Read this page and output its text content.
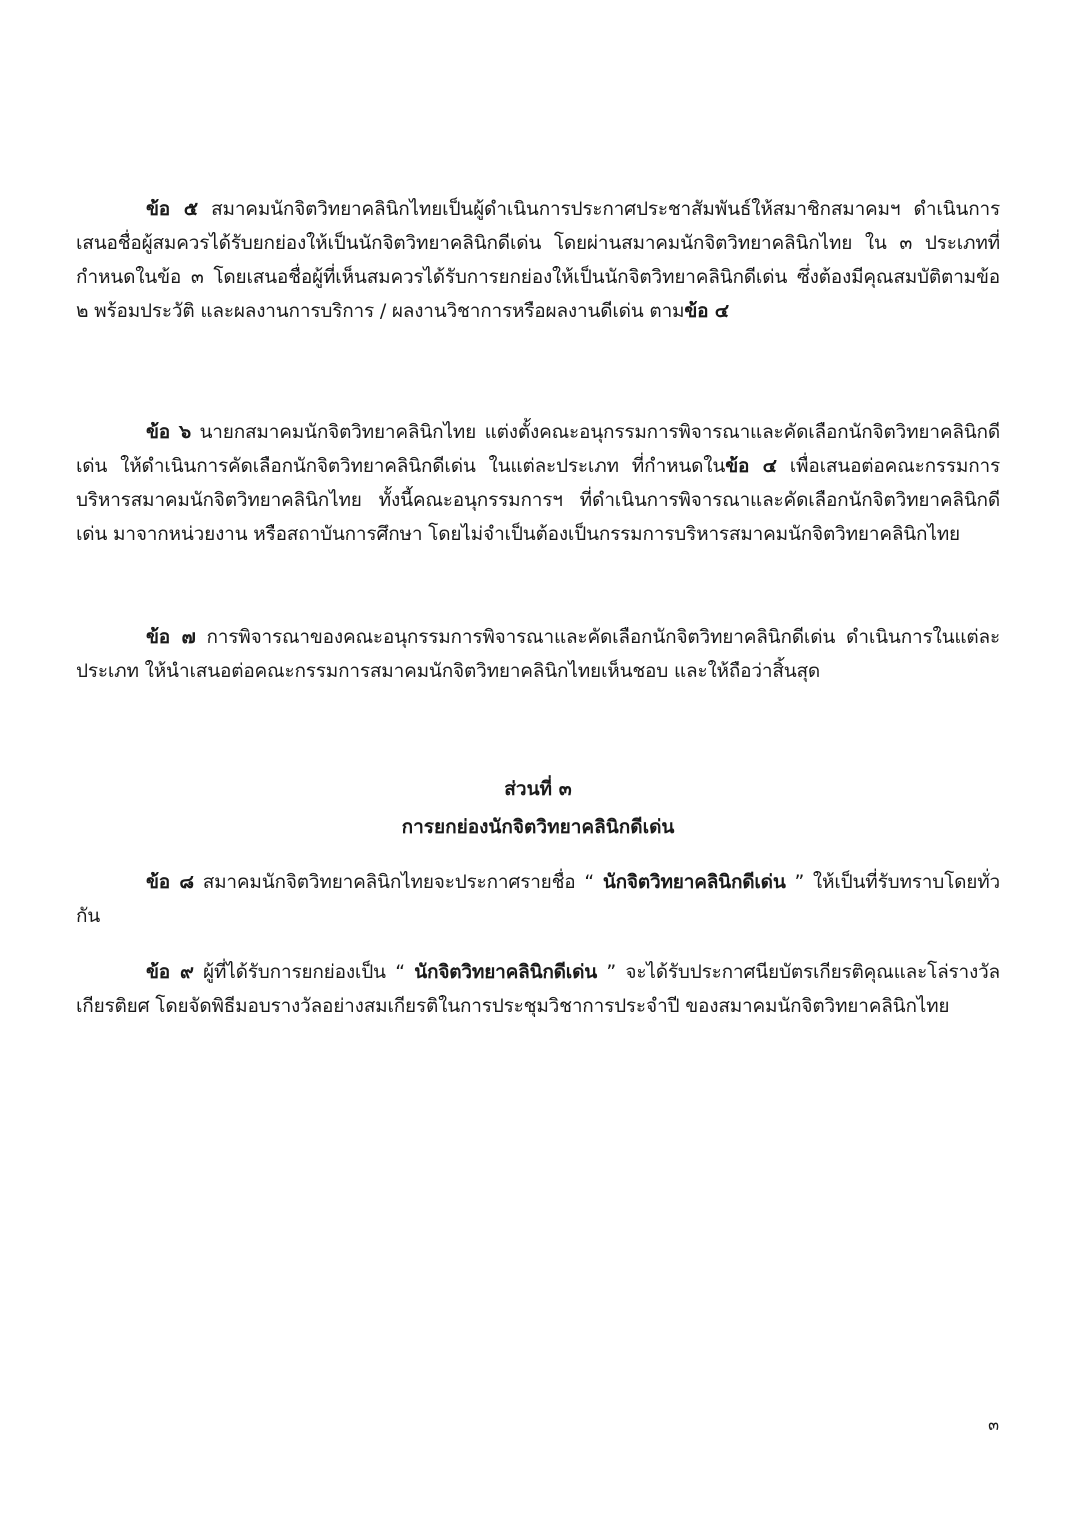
ข้อ ๕ สมาคมนักจิตวิทยาคลินิกไทยเป็นผู้ดำเนินการประกาศประชาสัมพันธ์ให้สมาชิกสมาคมฯ ดำเนินการเสนอชื่อผู้สมควรได้รับยกย่องให้เป็นนักจิตวิทยาคลินิกดีเด่น โดยผ่านสมาคมนักจิตวิทยาคลินิกไทย ใน ๓ ประเภทที่กำหนดในข้อ ๓ โดยเสนอชื่อผู้ที่เห็นสมควรได้รับการยกย่องให้เป็นนักจิตวิทยาคลินิกดีเด่น ซึ่งต้องมีคุณสมบัติตามข้อ ๒ พร้อมประวัติ และผลงานการบริการ / ผลงานวิชาการหรือผลงานดีเด่น ตามข้อ ๔

ข้อ ๖ นายกสมาคมนักจิตวิทยาคลินิกไทย แต่งตั้งคณะอนุกรรมการพิจารณาและคัดเลือกนักจิตวิทยาคลินิกดีเด่น ให้ดำเนินการคัดเลือกนักจิตวิทยาคลินิกดีเด่น ในแต่ละประเภท ที่กำหนดในข้อ ๔ เพื่อเสนอต่อคณะกรรมการบริหารสมาคมนักจิตวิทยาคลินิกไทย ทั้งนี้คณะอนุกรรมการฯ ที่ดำเนินการพิจารณาและคัดเลือกนักจิตวิทยาคลินิกดีเด่น มาจากหน่วยงาน หรือสถาบันการศึกษา โดยไม่จำเป็นต้องเป็นกรรมการบริหารสมาคมนักจิตวิทยาคลินิกไทย

ข้อ ๗ การพิจารณาของคณะอนุกรรมการพิจารณาและคัดเลือกนักจิตวิทยาคลินิกดีเด่น ดำเนินการในแต่ละประเภท ให้นำเสนอต่อคณะกรรมการสมาคมนักจิตวิทยาคลินิกไทยเห็นชอบ และให้ถือว่าสิ้นสุด

ส่วนที่ ๓

การยกย่องนักจิตวิทยาคลินิกดีเด่น

ข้อ ๘ สมาคมนักจิตวิทยาคลินิกไทยจะประกาศรายชื่อ “ นักจิตวิทยาคลินิกดีเด่น ” ให้เป็นที่รับทราบโดยทั่วกัน

ข้อ ๙ ผู้ที่ได้รับการยกย่องเป็น “ นักจิตวิทยาคลินิกดีเด่น ” จะได้รับประกาศนียบัตรเกียรติคุณและโล่รางวัลเกียรติยศ โดยจัดพิธีมอบรางวัลอย่างสมเกียรติในการประชุมวิชาการประจำปี ของสมาคมนักจิตวิทยาคลินิกไทย

๓
